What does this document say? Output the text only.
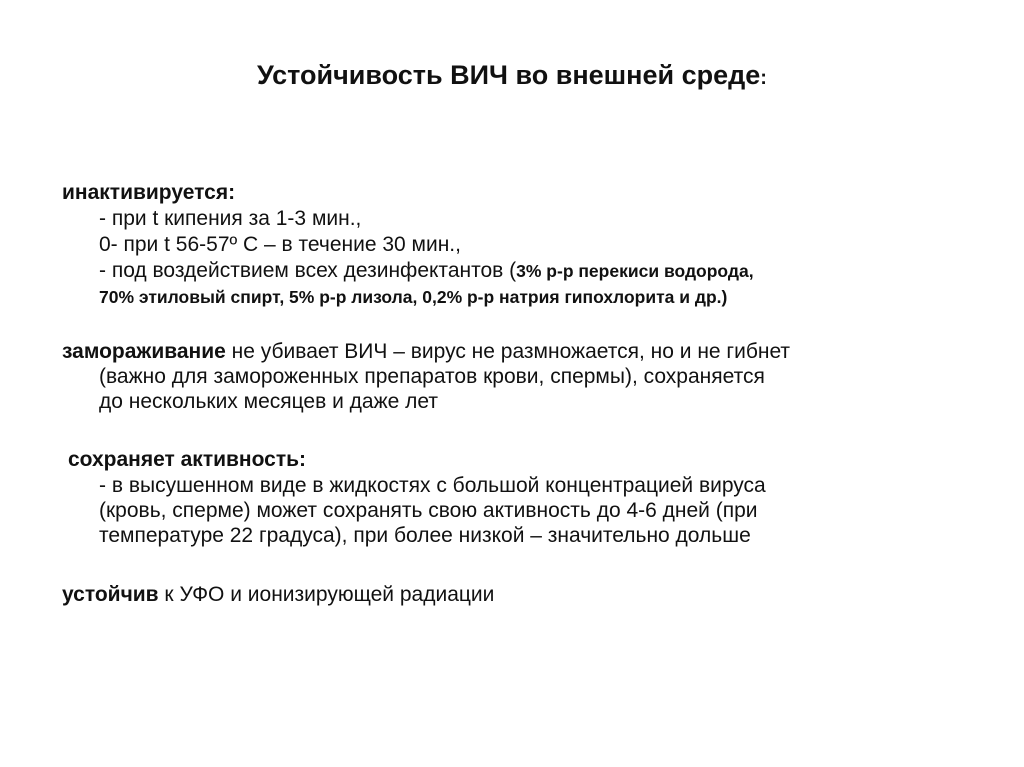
Устойчивость ВИЧ во внешней среде:
инактивируется:
- при t кипения за 1-3 мин.,
0- при t 56-57º С – в течение 30 мин.,
- под воздействием всех дезинфектантов (3% р-р перекиси водорода,
70% этиловый спирт, 5% р-р лизола, 0,2% р-р натрия гипохлорита и др.)
замораживание не убивает ВИЧ – вирус не размножается, но и не гибнет
(важно для замороженных препаратов крови, спермы), сохраняется
до нескольких месяцев и даже лет
сохраняет активность:
- в высушенном виде в жидкостях с большой концентрацией вируса
(кровь, сперме) может сохранять свою активность до 4-6 дней (при
температуре 22 градуса), при более низкой – значительно дольше
устойчив к УФО и ионизирующей радиации
